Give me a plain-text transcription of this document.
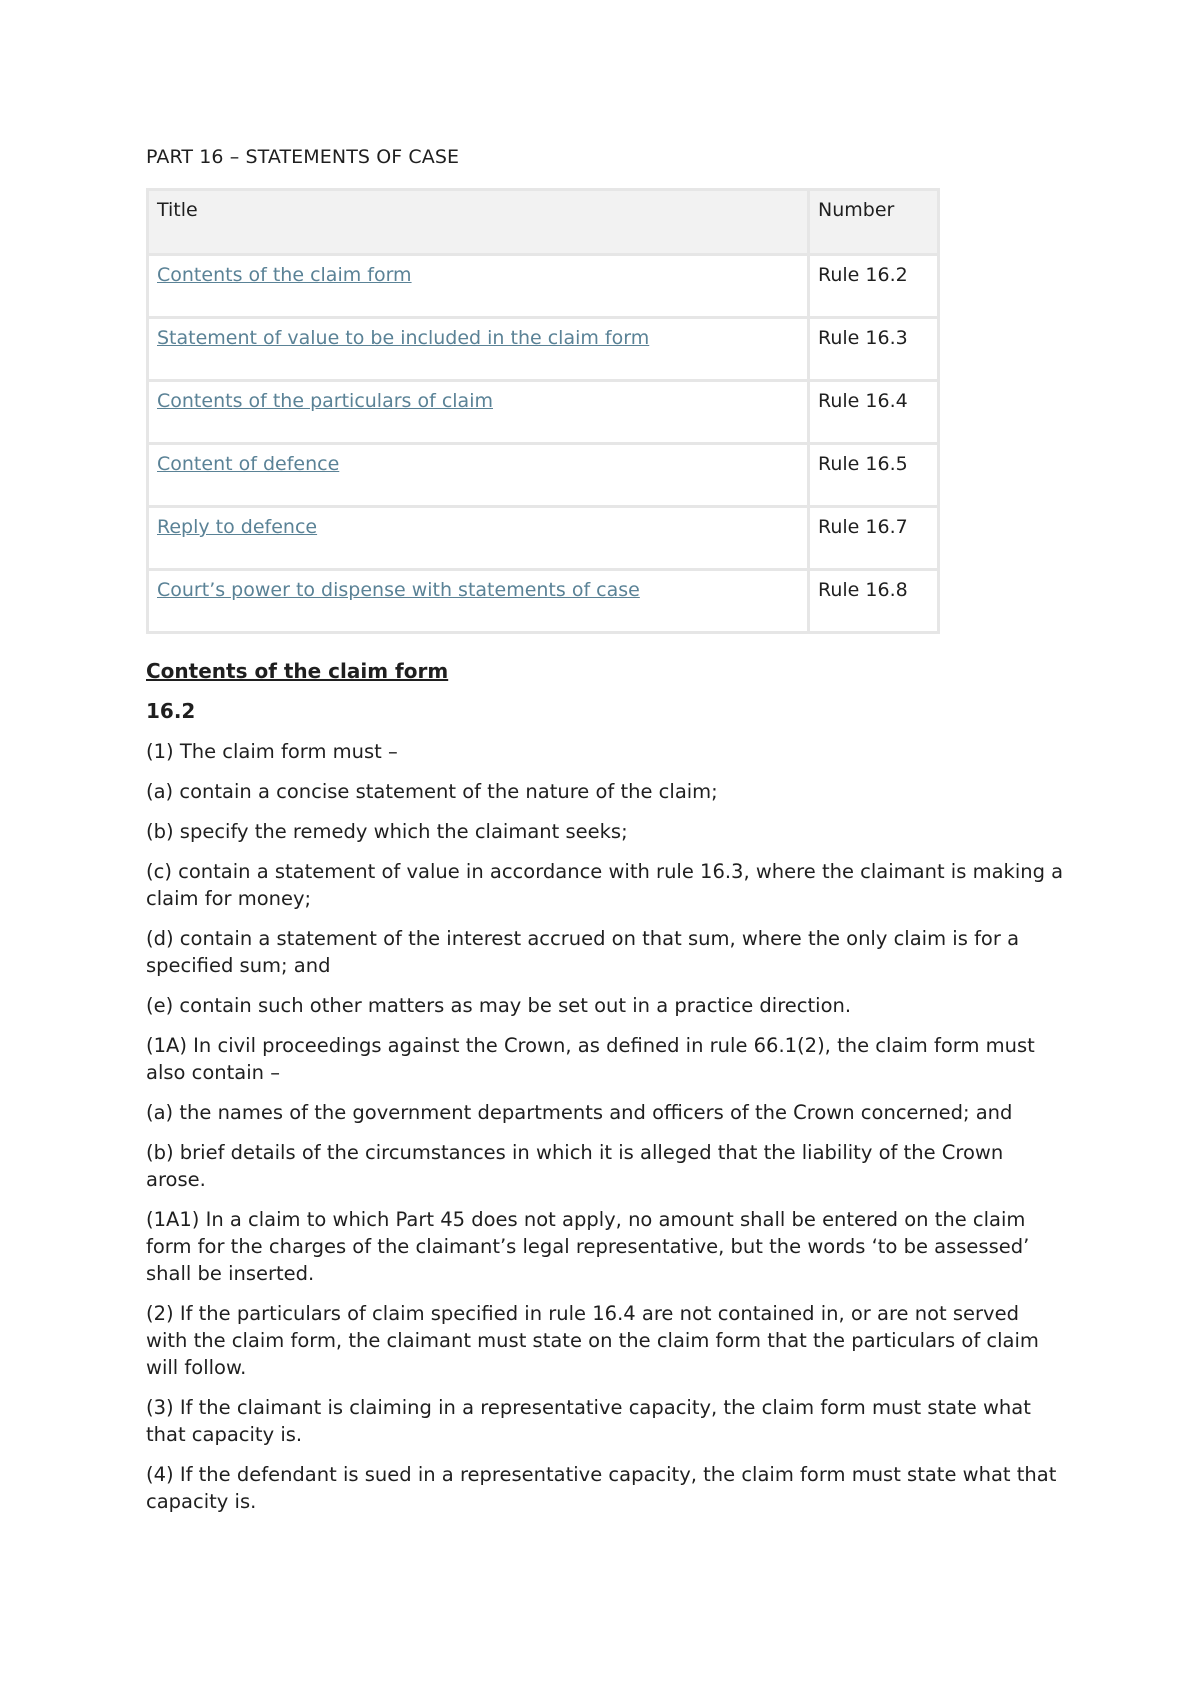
PART 16 – STATEMENTS OF CASE
Title	Number
Contents of the claim form	Rule 16.2
Statement of value to be included in the claim form	Rule 16.3
Contents of the particulars of claim	Rule 16.4
Content of defence	Rule 16.5
Reply to defence	Rule 16.7
Court’s power to dispense with statements of case	Rule 16.8
Contents of the claim form

16.2

(1) The claim form must –

(a) contain a concise statement of the nature of the claim;

(b) specify the remedy which the claimant seeks;

(c) contain a statement of value in accordance with rule 16.3, where the claimant is making a claim for money;

(d) contain a statement of the interest accrued on that sum, where the only claim is for a specified sum; and

(e) contain such other matters as may be set out in a practice direction.

(1A) In civil proceedings against the Crown, as defined in rule 66.1(2), the claim form must also contain –

(a) the names of the government departments and officers of the Crown concerned; and

(b) brief details of the circumstances in which it is alleged that the liability of the Crown arose.

(1A1) In a claim to which Part 45 does not apply, no amount shall be entered on the claim form for the charges of the claimant’s legal representative, but the words ‘to be assessed’ shall be inserted.

(2) If the particulars of claim specified in rule 16.4 are not contained in, or are not served with the claim form, the claimant must state on the claim form that the particulars of claim will follow.

(3) If the claimant is claiming in a representative capacity, the claim form must state what that capacity is.

(4) If the defendant is sued in a representative capacity, the claim form must state what that capacity is.
